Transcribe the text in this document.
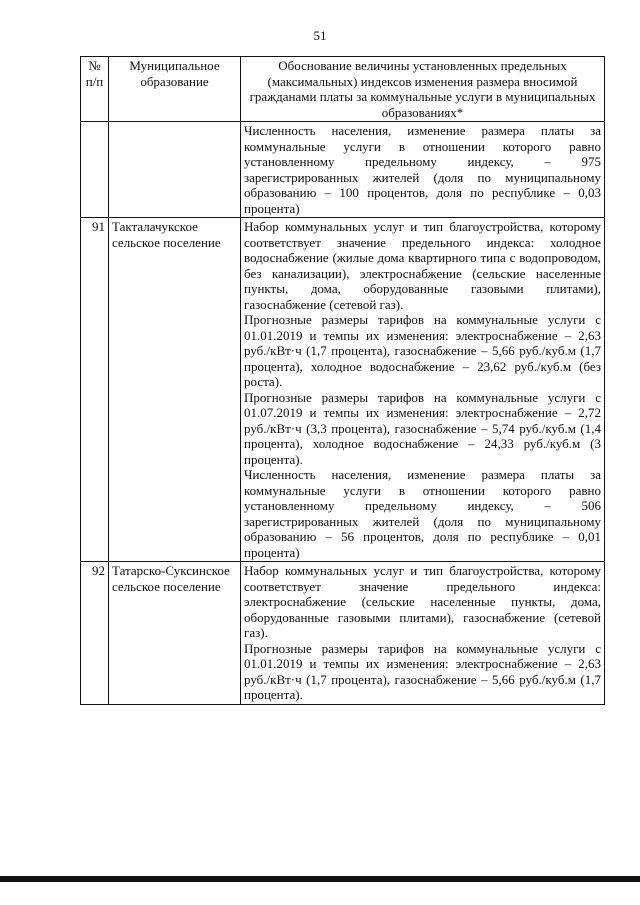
51
№ п/п	Муниципальное образование	Обоснование величины установленных предельных (максимальных) индексов изменения размера вносимой гражданами платы за коммунальные услуги в муниципальных образованиях*

		Численность населения, изменение размера платы за коммунальные услуги в отношении которого равно установленному предельному индексу, – 975 зарегистрированных жителей (доля по муниципальному образованию – 100 процентов, доля по республике – 0,03 процента)

91	Такталачукское сельское поселение	Набор коммунальных услуг и тип благоустройства, которому соответствует значение предельного индекса: холодное водоснабжение (жилые дома квартирного типа с водопроводом, без канализации), электроснабжение (сельские населенные пункты, дома, оборудованные газовыми плитами), газоснабжение (сетевой газ).

Прогнозные размеры тарифов на коммунальные услуги с 01.01.2019 и темпы их изменения: электроснабжение – 2,63 руб./кВт·ч (1,7 процента), газоснабжение – 5,66 руб./куб.м (1,7 процента), холодное водоснабжение – 23,62 руб./куб.м (без роста).

Прогнозные размеры тарифов на коммунальные услуги с 01.07.2019 и темпы их изменения: электроснабжение – 2,72 руб./кВт·ч (3,3 процента), газоснабжение – 5,74 руб./куб.м (1,4 процента), холодное водоснабжение – 24,33 руб./куб.м (3 процента).

Численность населения, изменение размера платы за коммунальные услуги в отношении которого равно установленному предельному индексу, – 506 зарегистрированных жителей (доля по муниципальному образованию – 56 процентов, доля по республике – 0,01 процента)

92	Татарско-Суксинское сельское поселение	Набор коммунальных услуг и тип благоустройства, которому соответствует значение предельного индекса: электроснабжение (сельские населенные пункты, дома, оборудованные газовыми плитами), газоснабжение (сетевой газ).

Прогнозные размеры тарифов на коммунальные услуги с 01.01.2019 и темпы их изменения: электроснабжение – 2,63 руб./кВт·ч (1,7 процента), газоснабжение – 5,66 руб./куб.м (1,7 процента).
